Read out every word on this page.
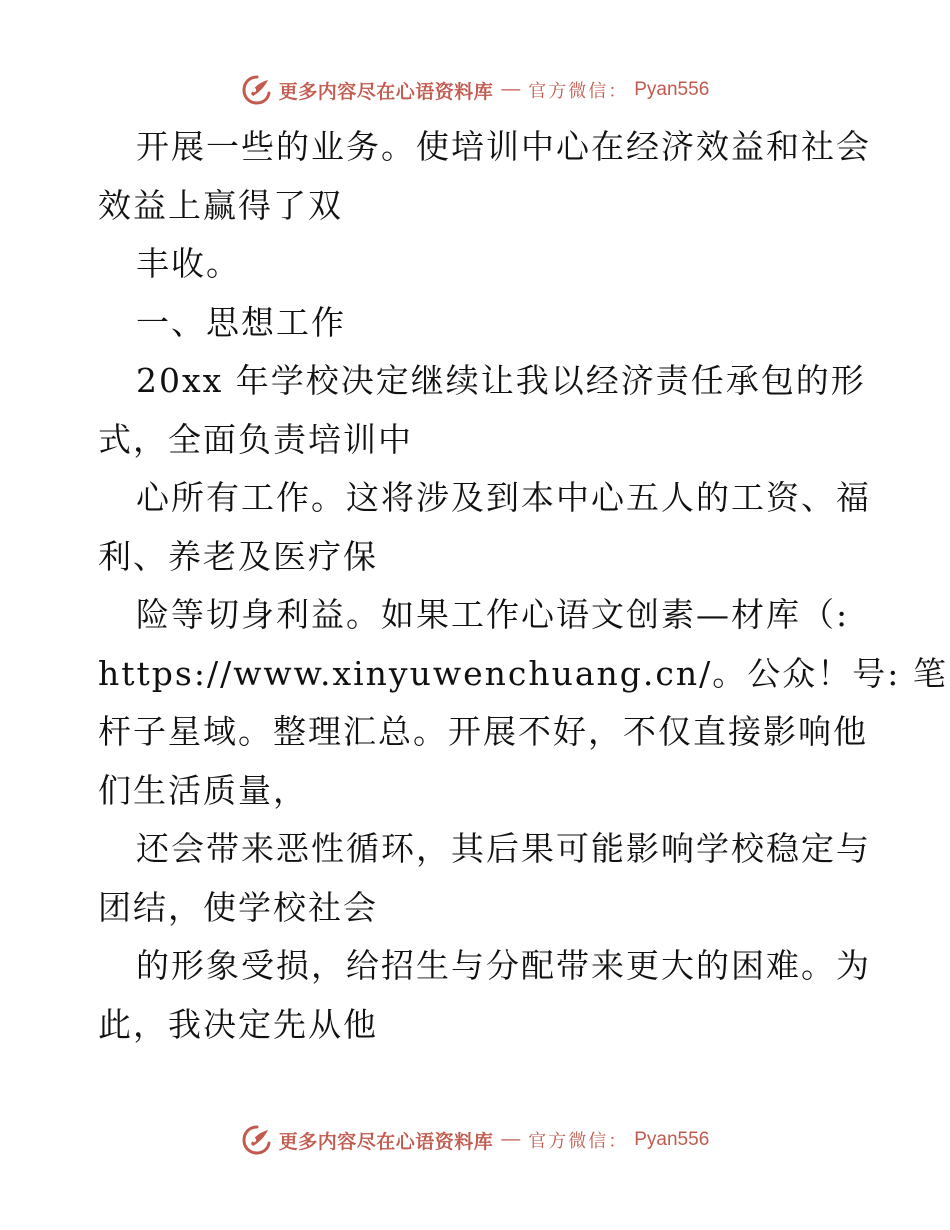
更多内容尽在心语资料库 — 官方微信： Pyan556
开展一些的业务。使培训中心在经济效益和社会
效益上赢得了双
丰收。
一、思想工作
20xx 年学校决定继续让我以经济责任承包的形
式，全面负责培训中
心所有工作。这将涉及到本中心五人的工资、福
利、养老及医疗保
险等切身利益。如果工作心语文创素—材库（:
https://www.xinyuwenchuang.cn/。公众！号: 笔
杆子星域。整理汇总。开展不好，不仅直接影响他
们生活质量，
还会带来恶性循环，其后果可能影响学校稳定与
团结，使学校社会
的形象受损，给招生与分配带来更大的困难。为
此，我决定先从他
更多内容尽在心语资料库 — 官方微信： Pyan556
